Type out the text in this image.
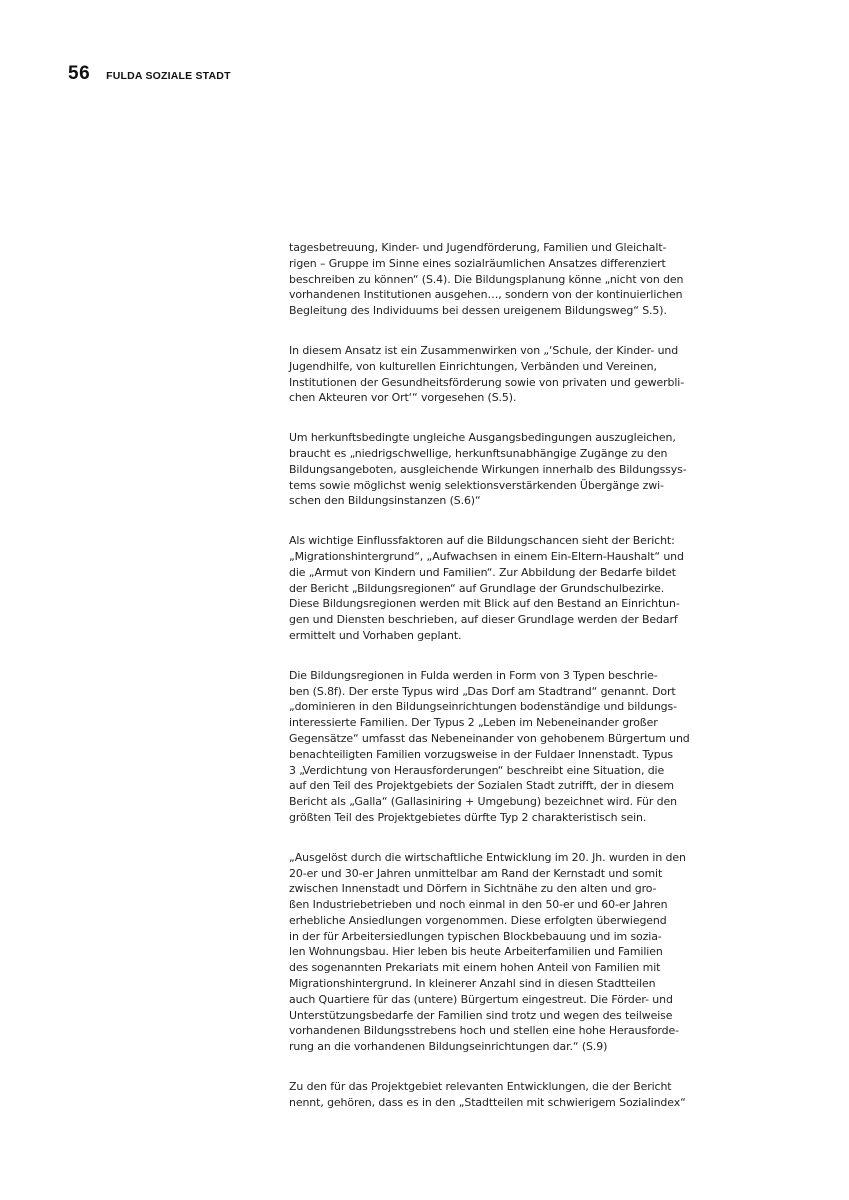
56 FULDA SOZIALE STADT
tagesbetreuung, Kinder- und Jugendförderung, Familien und Gleichalt-
rigen – Gruppe im Sinne eines sozialräumlichen Ansatzes differenziert
beschreiben zu können“ (S.4). Die Bildungsplanung könne „nicht von den
vorhandenen Institutionen ausgehen…, sondern von der kontinuierlichen
Begleitung des Individuums bei dessen ureigenem Bildungsweg“ S.5).
In diesem Ansatz ist ein Zusammenwirken von „‘Schule, der Kinder- und
Jugendhilfe, von kulturellen Einrichtungen, Verbänden und Vereinen,
Institutionen der Gesundheitsförderung sowie von privaten und gewerbli-
chen Akteuren vor Ort‘“ vorgesehen (S.5).
Um herkunftsbedingte ungleiche Ausgangsbedingungen auszugleichen,
braucht es „niedrigschwellige, herkunftsunabhängige Zugänge zu den
Bildungsangeboten, ausgleichende Wirkungen innerhalb des Bildungssys-
tems sowie möglichst wenig selektionsverstärkenden Übergänge zwi-
schen den Bildungsinstanzen (S.6)“
Als wichtige Einflussfaktoren auf die Bildungschancen sieht der Bericht:
„Migrationshintergrund“, „Aufwachsen in einem Ein-Eltern-Haushalt“ und
die „Armut von Kindern und Familien“. Zur Abbildung der Bedarfe bildet
der Bericht „Bildungsregionen“ auf Grundlage der Grundschulbezirke.
Diese Bildungsregionen werden mit Blick auf den Bestand an Einrichtun-
gen und Diensten beschrieben, auf dieser Grundlage werden der Bedarf
ermittelt und Vorhaben geplant.
Die Bildungsregionen in Fulda werden in Form von 3 Typen beschrie-
ben (S.8f). Der erste Typus wird „Das Dorf am Stadtrand“ genannt. Dort
„dominieren in den Bildungseinrichtungen bodenständige und bildungs-
interessierte Familien. Der Typus 2 „Leben im Nebeneinander großer
Gegensätze“ umfasst das Nebeneinander von gehobenem Bürgertum und
benachteiligten Familien vorzugsweise in der Fuldaer Innenstadt. Typus
3 „Verdichtung von Herausforderungen“ beschreibt eine Situation, die
auf den Teil des Projektgebiets der Sozialen Stadt zutrifft, der in diesem
Bericht als „Galla“ (Gallasiniring + Umgebung) bezeichnet wird. Für den
größten Teil des Projektgebietes dürfte Typ 2 charakteristisch sein.
„Ausgelöst durch die wirtschaftliche Entwicklung im 20. Jh. wurden in den
20-er und 30-er Jahren unmittelbar am Rand der Kernstadt und somit
zwischen Innenstadt und Dörfern in Sichtnähe zu den alten und gro-
ßen Industriebetrieben und noch einmal in den 50-er und 60-er Jahren
erhebliche Ansiedlungen vorgenommen. Diese erfolgten überwiegend
in der für Arbeitersiedlungen typischen Blockbebauung und im sozia-
len Wohnungsbau. Hier leben bis heute Arbeiterfamilien und Familien
des sogenannten Prekariats mit einem hohen Anteil von Familien mit
Migrationshintergrund. In kleinerer Anzahl sind in diesen Stadtteilen
auch Quartiere für das (untere) Bürgertum eingestreut. Die Förder- und
Unterstützungsbedarfe der Familien sind trotz und wegen des teilweise
vorhandenen Bildungsstrebens hoch und stellen eine hohe Herausforde-
rung an die vorhandenen Bildungseinrichtungen dar.“ (S.9)
Zu den für das Projektgebiet relevanten Entwicklungen, die der Bericht
nennt, gehören, dass es in den „Stadtteilen mit schwierigem Sozialindex“
